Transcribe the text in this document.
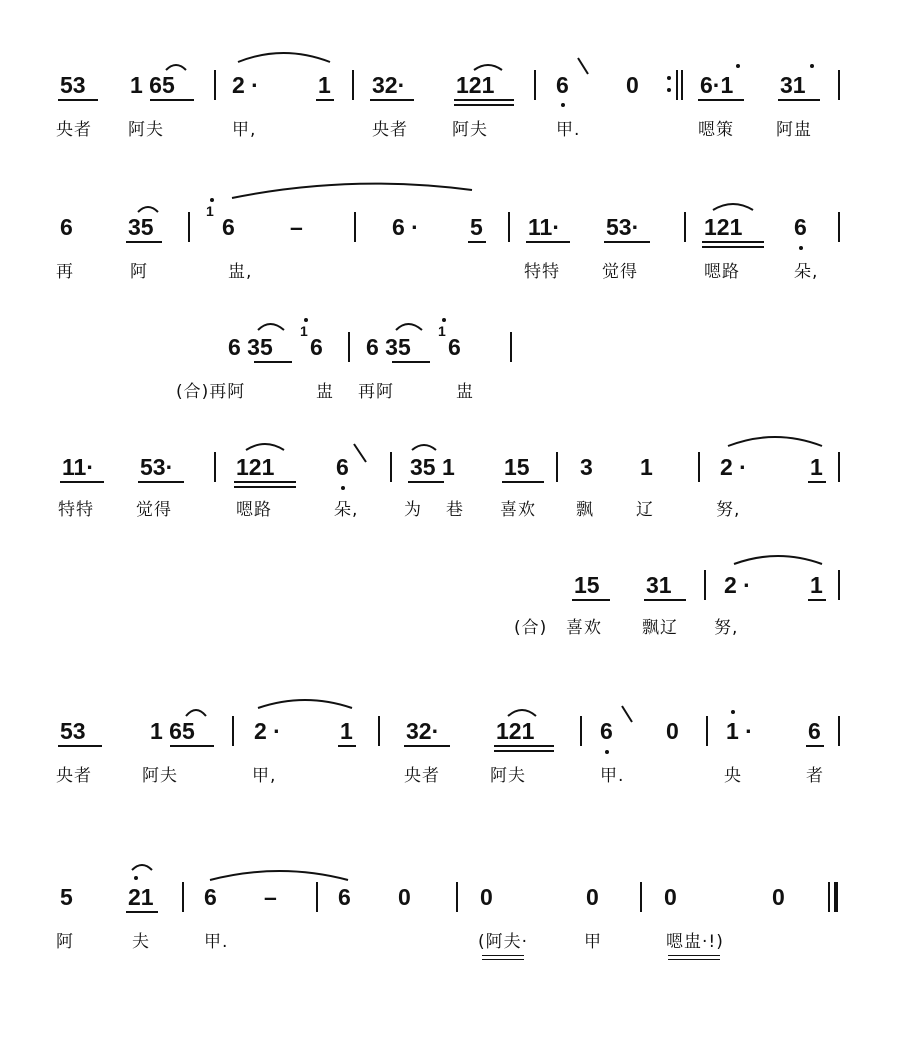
53 1 65 2 ·	1 32· 121	6 0	6·1 31
央者 阿夫	甲,	央者	阿夫	甲.	嗯策 阿盅
6 35
1
6 –	6 · 5 11· 53·	121 6
再	阿	盅,	特特 觉得	嗯路	朵,
6 35
1
6 6 35
1
6
(合)再阿	盅 再阿	盅
11· 53·	121	6	35 1 15 3 1	2 ·	1
特特 觉得	嗯路	朵,	为 巷 喜欢 飘 辽	努,
15 31 2 ·	1
(合) 喜欢 飘辽 努,
53	1 65	2 ·	1 32· 121	6 0 1 · 6
央者	阿夫	甲,	央者	阿夫	甲.	央	者
5 21 6 –	6 0	0	0	0	0
阿	夫	甲.	(阿夫·	甲	嗯盅·!)
